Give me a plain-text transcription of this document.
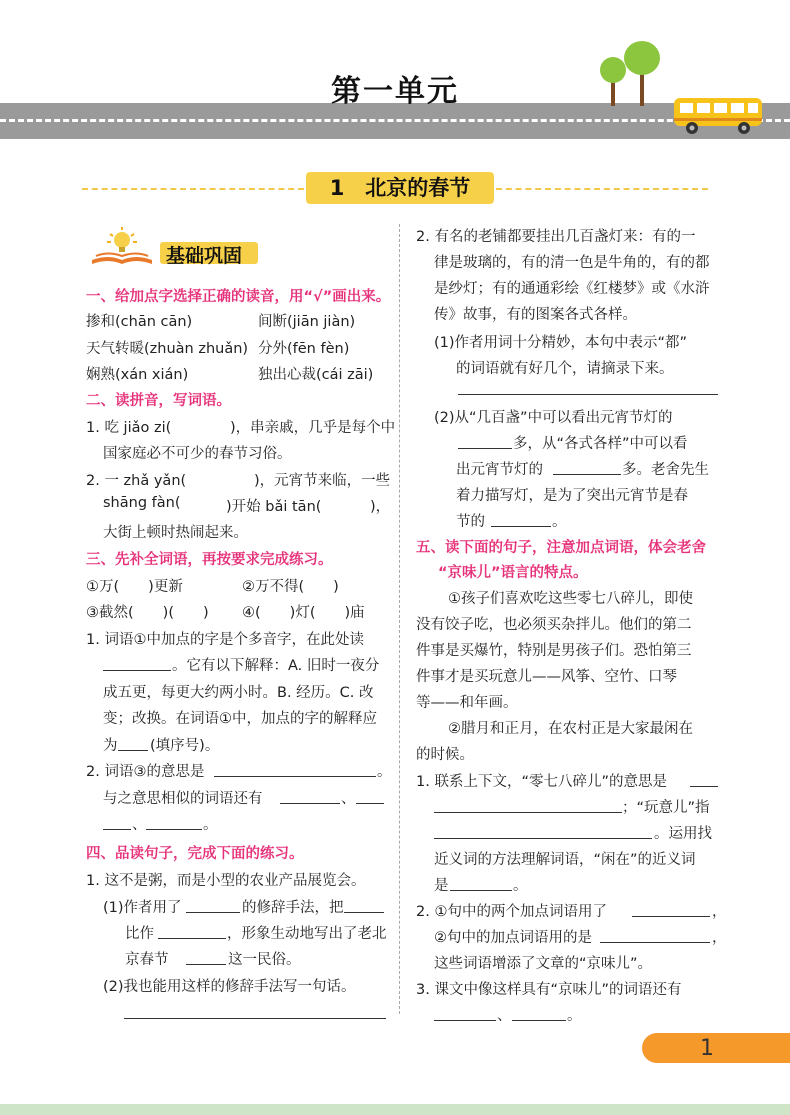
第一单元
1　北京的春节
基础巩固
一、给加点字选择正确的读音，用“√”画出来。
掺和(chān cān)	间断(jiān jiàn)
天气转暖(zhuàn zhuǎn) 分外(fēn fèn)
娴熟(xán xián)	独出心裁(cái zāi)
二、读拼音，写词语。
1. 吃 jiǎo zi(	)，串亲戚，几乎是每个中
国家庭必不可少的春节习俗。
2. 一 zhǎ yǎn(	)，元宵节来临，一些
shāng fàn(	)开始 bǎi tān(	)，
大街上顿时热闹起来。
三、先补全词语，再按要求完成练习。
①万(　　)更新	②万不得(　　)
③截然(　　)(　　) ④(　　)灯(　　)庙
1. 词语①中加点的字是个多音字，在此处读
。它有以下解释：A. 旧时一夜分
成五更，每更大约两小时。B. 经历。C. 改
变；改换。在词语①中，加点的字的解释应
为 (填序号)。
2. 词语③的意思是	。
与之意思相似的词语还有	、
、	。
四、品读句子，完成下面的练习。
1. 这不是粥，而是小型的农业产品展览会。
(1)作者用了	的修辞手法，把
比作	，形象生动地写出了老北
京春节	这一民俗。
(2)我也能用这样的修辞手法写一句话。
2. 有名的老铺都要挂出几百盏灯来：有的一
律是玻璃的，有的清一色是牛角的，有的都
是纱灯；有的通通彩绘《红楼梦》或《水浒
传》故事，有的图案各式各样。
(1)作者用词十分精妙，本句中表示“都”
的词语就有好几个，请摘录下来。
(2)从“几百盏”中可以看出元宵节灯的
多，从“各式各样”中可以看
出元宵节灯的	多。老舍先生
着力描写灯，是为了突出元宵节是春
节的	。
五、读下面的句子，注意加点词语，体会老舍
“京味儿”语言的特点。
①孩子们喜欢吃这些零七八碎儿，即使
没有饺子吃，也必须买杂拌儿。他们的第二
件事是买爆竹，特别是男孩子们。恐怕第三
件事才是买玩意儿——风筝、空竹、口琴
等——和年画。
②腊月和正月，在农村正是大家最闲在
的时候。
1. 联系上下文，“零七八碎儿”的意思是
；“玩意儿”指
。运用找
近义词的方法理解词语，“闲在”的近义词
是	。
2. ①句中的两个加点词语用了	，
②句中的加点词语用的是	，
这些词语增添了文章的“京味儿”。
3. 课文中像这样具有“京味儿”的词语还有
、	。
1
